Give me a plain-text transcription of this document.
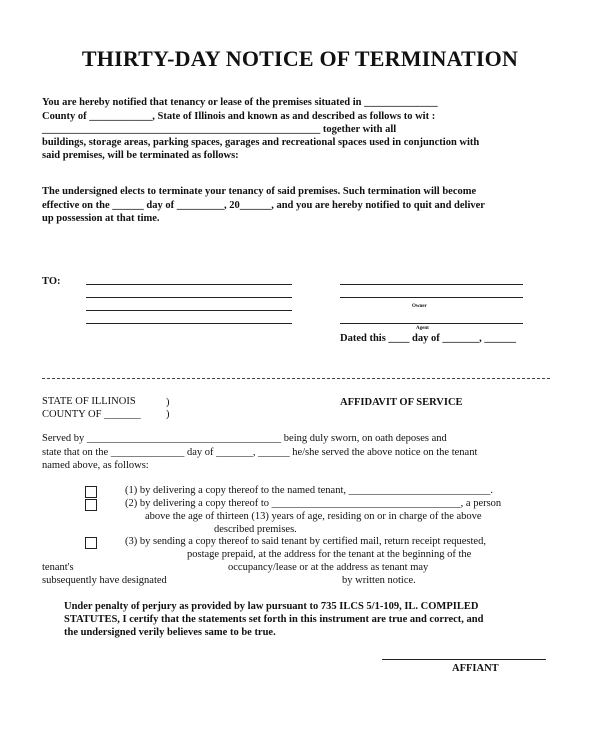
THIRTY-DAY NOTICE OF TERMINATION
You are hereby notified that tenancy or lease of the premises situated in ______________
County of ____________, State of Illinois and known as and described as follows to wit :
_____________________________________________________ together with all
buildings, storage areas, parking spaces, garages and recreational spaces used in conjunction with
said premises, will be terminated as follows:
The undersigned elects to terminate your tenancy of said premises. Such termination will become
effective on the ______ day of _________, 20______, and you are hereby notified to quit and deliver
up possession at that time.
TO:
Owner
Agent
Dated this ____ day of _______, ______
STATE OF ILLINOIS	)
COUNTY OF _______ )
AFFIDAVIT OF SERVICE
Served by _____________________________________ being duly sworn, on oath deposes and
state that on the ______________ day of _______, ______ he/she served the above notice on the tenant
named above, as follows:
(1) by delivering a copy thereof to the named tenant, ___________________________.
(2) by delivering a copy thereof to ____________________________________, a person
above the age of thirteen (13) years of age, residing on or in charge of the above
described premises.
(3) by sending a copy thereof to said tenant by certified mail, return receipt requested,
postage prepaid, at the address for the tenant at the beginning of the
tenant's	occupancy/lease or at the address as tenant may
subsequently have designated	by written notice.
Under penalty of perjury as provided by law pursuant to 735 ILCS 5/1-109, IL. COMPILED
STATUTES, I certify that the statements set forth in this instrument are true and correct, and
the undersigned verily believes same to be true.
AFFIANT
